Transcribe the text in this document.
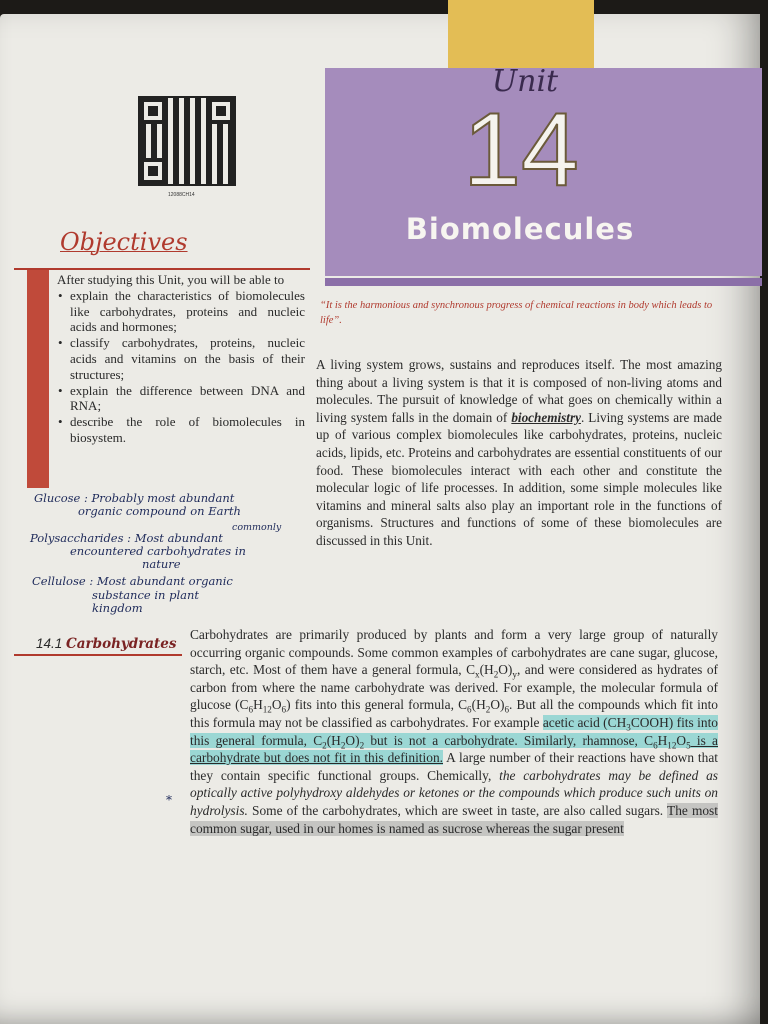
12088CH14
Unit
14
Biomolecules
Objectives

After studying this Unit, you will be able to

• explain the characteristics of biomolecules like carbohydrates, proteins and nucleic acids and hormones;
• classify carbohydrates, proteins, nucleic acids and vitamins on the basis of their structures;
• explain the difference between DNA and RNA;
• describe the role of biomolecules in biosystem.
“It is the harmonious and synchronous progress of chemical reactions in body which leads to life”.
A living system grows, sustains and reproduces itself. The most amazing thing about a living system is that it is composed of non-living atoms and molecules. The pursuit of knowledge of what goes on chemically within a living system falls in the domain of biochemistry. Living systems are made up of various complex biomolecules like carbohydrates, proteins, nucleic acids, lipids, etc. Proteins and carbohydrates are essential constituents of our food. These biomolecules interact with each other and constitute the molecular logic of life processes. In addition, some simple molecules like vitamins and mineral salts also play an important role in the functions of organisms. Structures and functions of some of these biomolecules are discussed in this Unit.
Glucose : Probably most abundant
organic compound on Earth
commonly
Polysaccharides : Most abundant
encountered carbohydrates in
nature
Cellulose : Most abundant organic
substance in plant
kingdom
14.1 Carbohydrates
*
Carbohydrates are primarily produced by plants and form a very large group of naturally occurring organic compounds. Some common examples of carbohydrates are cane sugar, glucose, starch, etc. Most of them have a general formula, $C_x(H_2O)_y$, and were considered as hydrates of carbon from where the name carbohydrate was derived. For example, the molecular formula of glucose $(C_6H_{12}O_6)$ fits into this general formula, $C_6(H_2O)_6$. But all the compounds which fit into this formula may not be classified as carbohydrates. For example acetic acid $(CH_3COOH)$ fits into this general formula, $C_2(H_2O)_2$ but is not a carbohydrate. Similarly, rhamnose, $C_6H_{12}O_5$ is a carbohydrate but does not fit in this definition. A large number of their reactions have shown that they contain specific functional groups. Chemically, the carbohydrates may be defined as optically active polyhydroxy aldehydes or ketones or the compounds which produce such units on hydrolysis. Some of the carbohydrates, which are sweet in taste, are also called sugars. The most common sugar, used in our homes is named as sucrose whereas the sugar present
